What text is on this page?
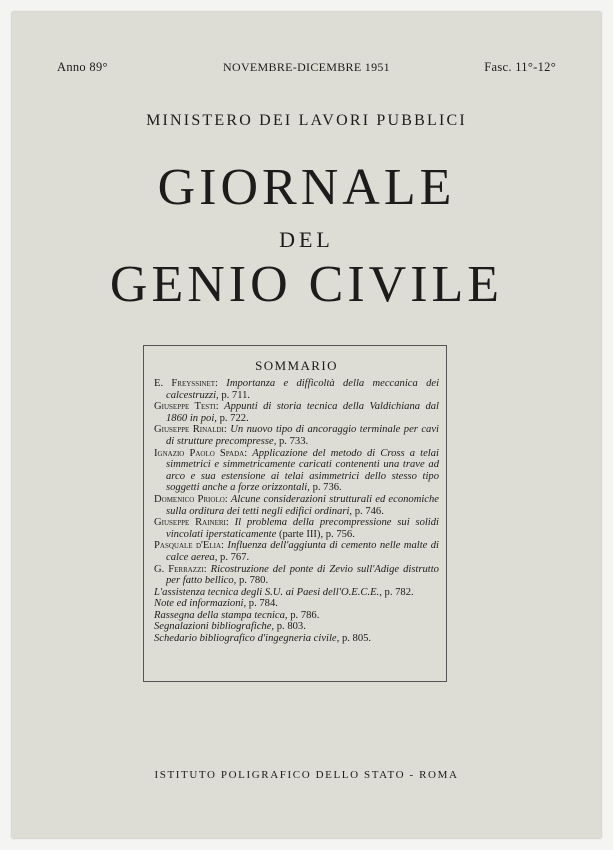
Anno 89°	NOVEMBRE-DICEMBRE 1951	Fasc. 11°-12°
MINISTERO DEI LAVORI PUBBLICI
GIORNALE
DEL
GENIO CIVILE
SOMMARIO

E. Freyssinet: Importanza e difficoltà della meccanica dei calcestruzzi, p. 711.

Giuseppe Testi: Appunti di storia tecnica della Valdichiana dal 1860 in poi, p. 722.

Giuseppe Rinaldi: Un nuovo tipo di ancoraggio terminale per cavi di strutture precompresse, p. 733.

Ignazio Paolo Spada: Applicazione del metodo di Cross a telai simmetrici e simmetricamente caricati contenenti una trave ad arco e sua estensione ai telai asimmetrici dello stesso tipo soggetti anche a forze orizzontali, p. 736.

Domenico Priolo: Alcune considerazioni strutturali ed economiche sulla orditura dei tetti negli edifici ordinari, p. 746.

Giuseppe Raineri: Il problema della precompressione sui solidi vincolati iperstaticamente (parte III), p. 756.

Pasquale d'Elia: Influenza dell'aggiunta di cemento nelle malte di calce aerea, p. 767.

G. Ferrazzi: Ricostruzione del ponte di Zevio sull'Adige distrutto per fatto bellico, p. 780.

L'assistenza tecnica degli S.U. ai Paesi dell'O.E.C.E., p. 782.

Note ed informazioni, p. 784.

Rassegna della stampa tecnica, p. 786.

Segnalazioni bibliografiche, p. 803.

Schedario bibliografico d'ingegneria civile, p. 805.

ISTITUTO POLIGRAFICO DELLO STATO - ROMA
